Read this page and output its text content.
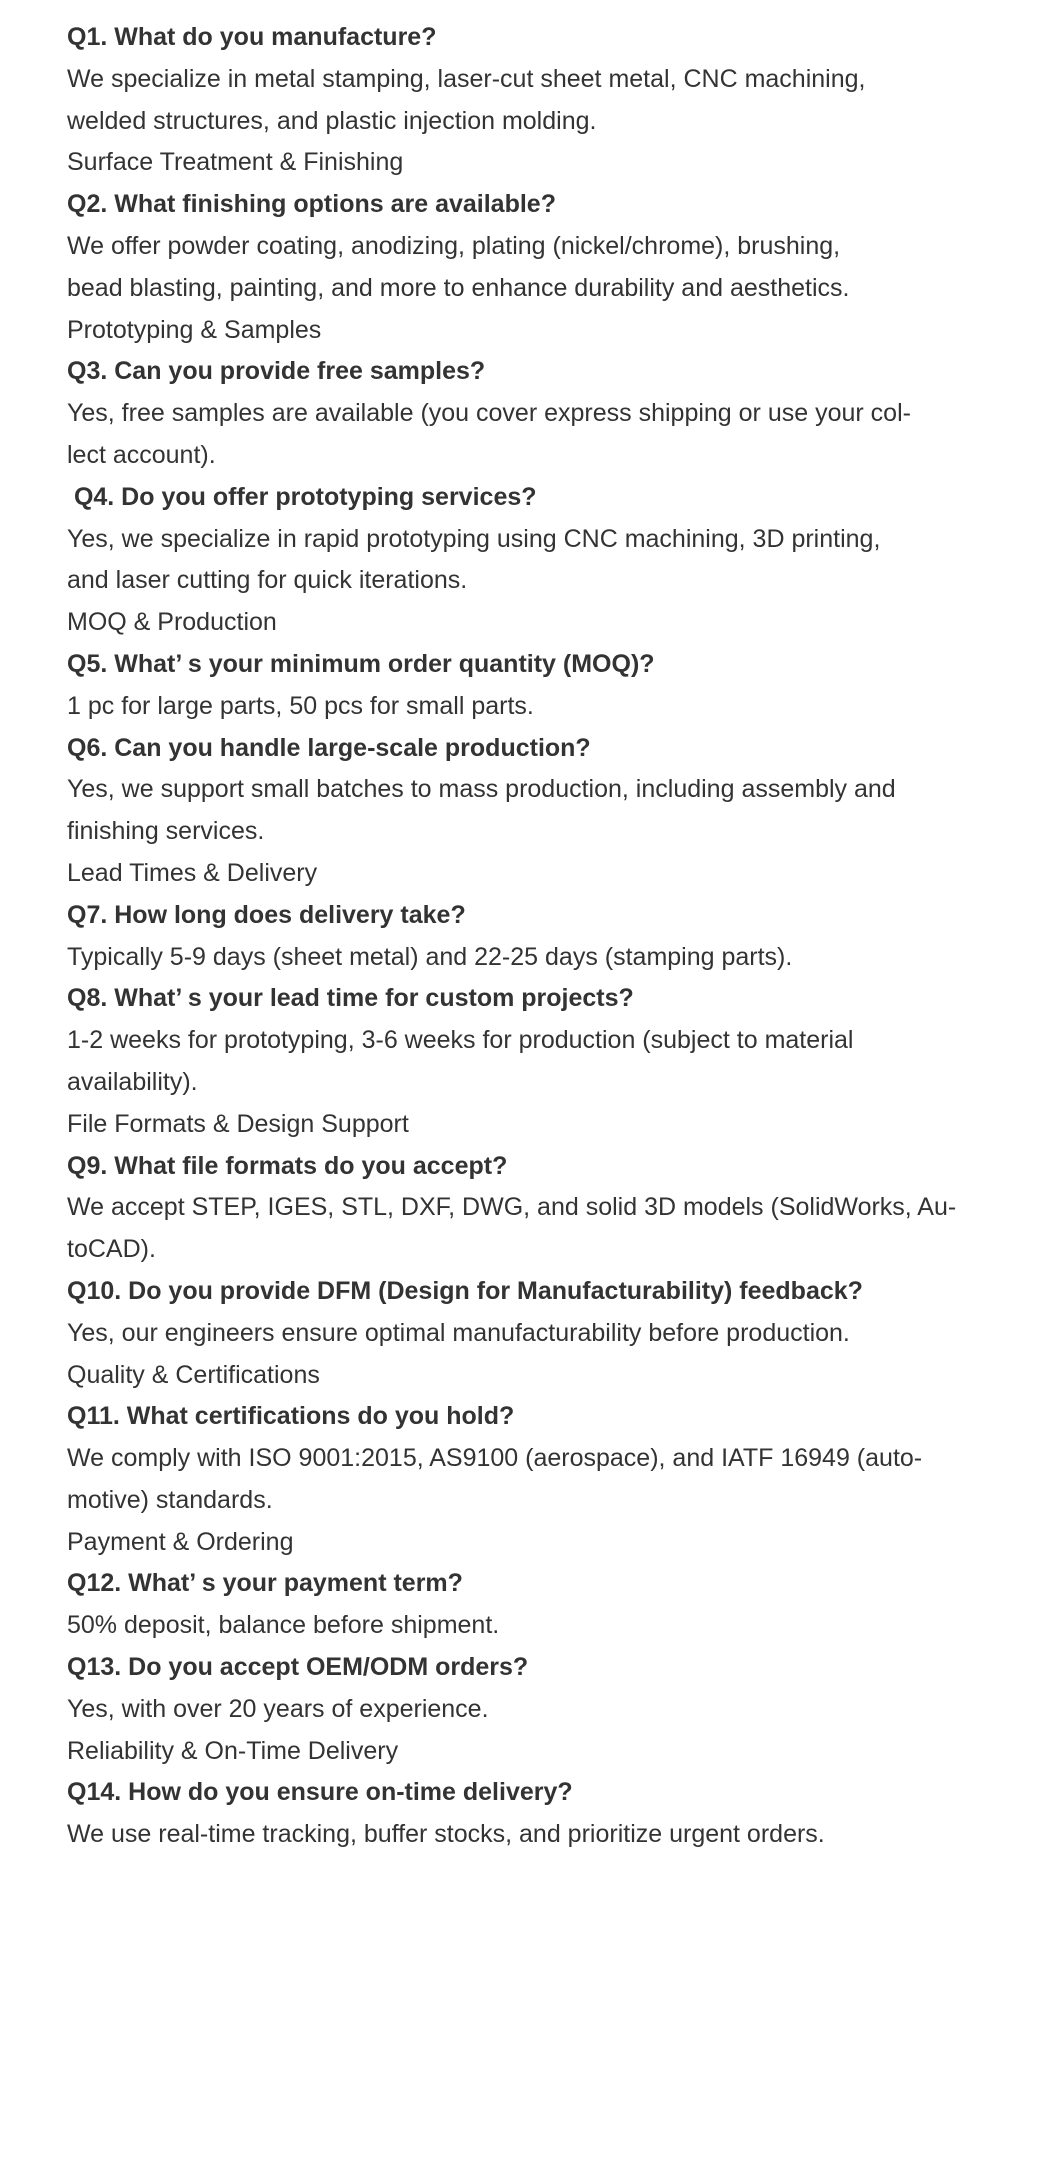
Q1. What do you manufacture?
We specialize in metal stamping, laser-cut sheet metal, CNC machining,
welded structures, and plastic injection molding.
Surface Treatment & Finishing
Q2. What finishing options are available?
We offer powder coating, anodizing, plating (nickel/chrome), brushing,
bead blasting, painting, and more to enhance durability and aesthetics.
Prototyping & Samples
Q3. Can you provide free samples?
Yes, free samples are available (you cover express shipping or use your col-
lect account).
Q4. Do you offer prototyping services?
Yes, we specialize in rapid prototyping using CNC machining, 3D printing,
and laser cutting for quick iterations.
MOQ & Production
Q5. What’ s your minimum order quantity (MOQ)?
1 pc for large parts, 50 pcs for small parts.
Q6. Can you handle large-scale production?
Yes, we support small batches to mass production, including assembly and
finishing services.
Lead Times & Delivery
Q7. How long does delivery take?
Typically 5-9 days (sheet metal) and 22-25 days (stamping parts).
Q8. What’ s your lead time for custom projects?
1-2 weeks for prototyping, 3-6 weeks for production (subject to material
availability).
File Formats & Design Support
Q9. What file formats do you accept?
We accept STEP, IGES, STL, DXF, DWG, and solid 3D models (SolidWorks, Au-
toCAD).
Q10. Do you provide DFM (Design for Manufacturability) feedback?
Yes, our engineers ensure optimal manufacturability before production.
Quality & Certifications
Q11. What certifications do you hold?
We comply with ISO 9001:2015, AS9100 (aerospace), and IATF 16949 (auto-
motive) standards.
Payment & Ordering
Q12. What’ s your payment term?
50% deposit, balance before shipment.
Q13. Do you accept OEM/ODM orders?
Yes, with over 20 years of experience.
Reliability & On-Time Delivery
Q14. How do you ensure on-time delivery?
We use real-time tracking, buffer stocks, and prioritize urgent orders.
